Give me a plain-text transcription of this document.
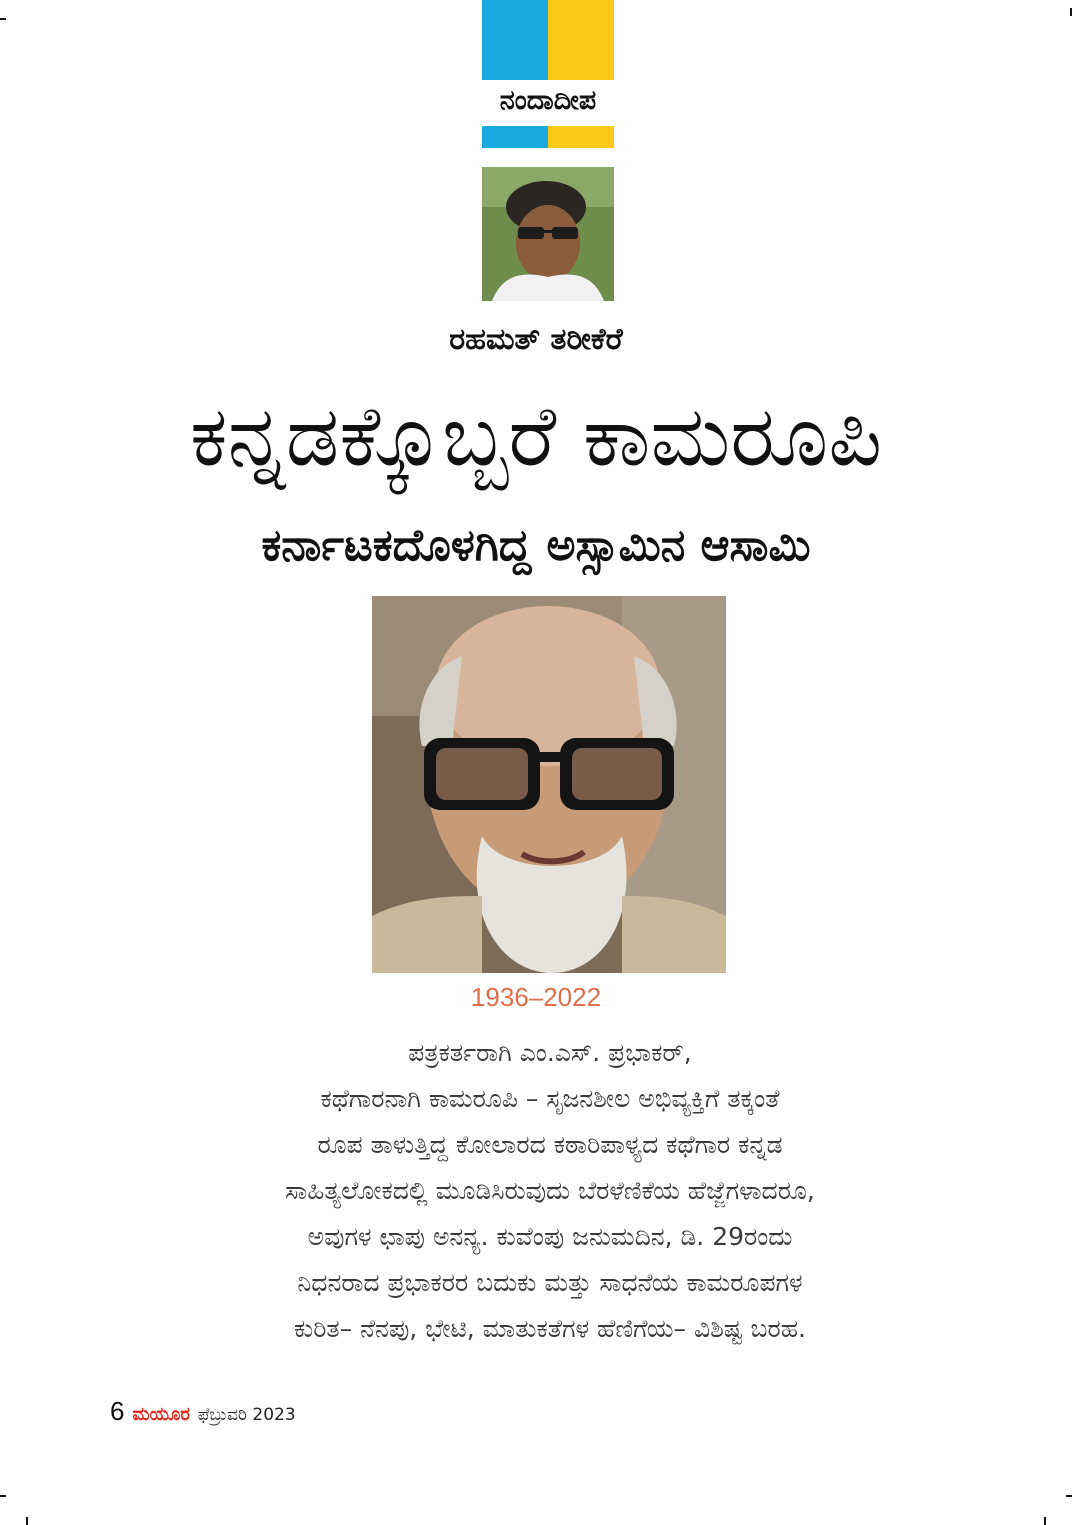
ನಂದಾದೀಪ
ರಹಮತ್ ತರೀಕೆರೆ
ಕನ್ನಡಕ್ಕೊಬ್ಬರೆ ಕಾಮರೂಪಿ
ಕರ್ನಾಟಕದೊಳಗಿದ್ದ ಅಸ್ಸಾಮಿನ ಆಸಾಮಿ
1936–2022
ಪತ್ರಕರ್ತರಾಗಿ ಎಂ.ಎಸ್. ಪ್ರಭಾಕರ್,
ಕಥೆಗಾರನಾಗಿ ಕಾಮರೂಪಿ – ಸೃಜನಶೀಲ ಅಭಿವ್ಯಕ್ತಿಗೆ ತಕ್ಕಂತೆ
ರೂಪ ತಾಳುತ್ತಿದ್ದ ಕೋಲಾರದ ಕಠಾರಿಪಾಳ್ಯದ ಕಥೆಗಾರ ಕನ್ನಡ
ಸಾಹಿತ್ಯಲೋಕದಲ್ಲಿ ಮೂಡಿಸಿರುವುದು ಬೆರಳೆಣಿಕೆಯ ಹೆಜ್ಜೆಗಳಾದರೂ,
ಅವುಗಳ ಛಾಪು ಅನನ್ಯ. ಕುವೆಂಪು ಜನುಮದಿನ, ಡಿ. 29ರಂದು
ನಿಧನರಾದ ಪ್ರಭಾಕರರ ಬದುಕು ಮತ್ತು ಸಾಧನೆಯ ಕಾಮರೂಪಗಳ
ಕುರಿತ– ನೆನಪು, ಭೇಟಿ, ಮಾತುಕತೆಗಳ ಹೆಣಿಗೆಯ– ವಿಶಿಷ್ಟ ಬರಹ.
6 ಮಯೂರ ಫೆಬ್ರುವರಿ 2023
